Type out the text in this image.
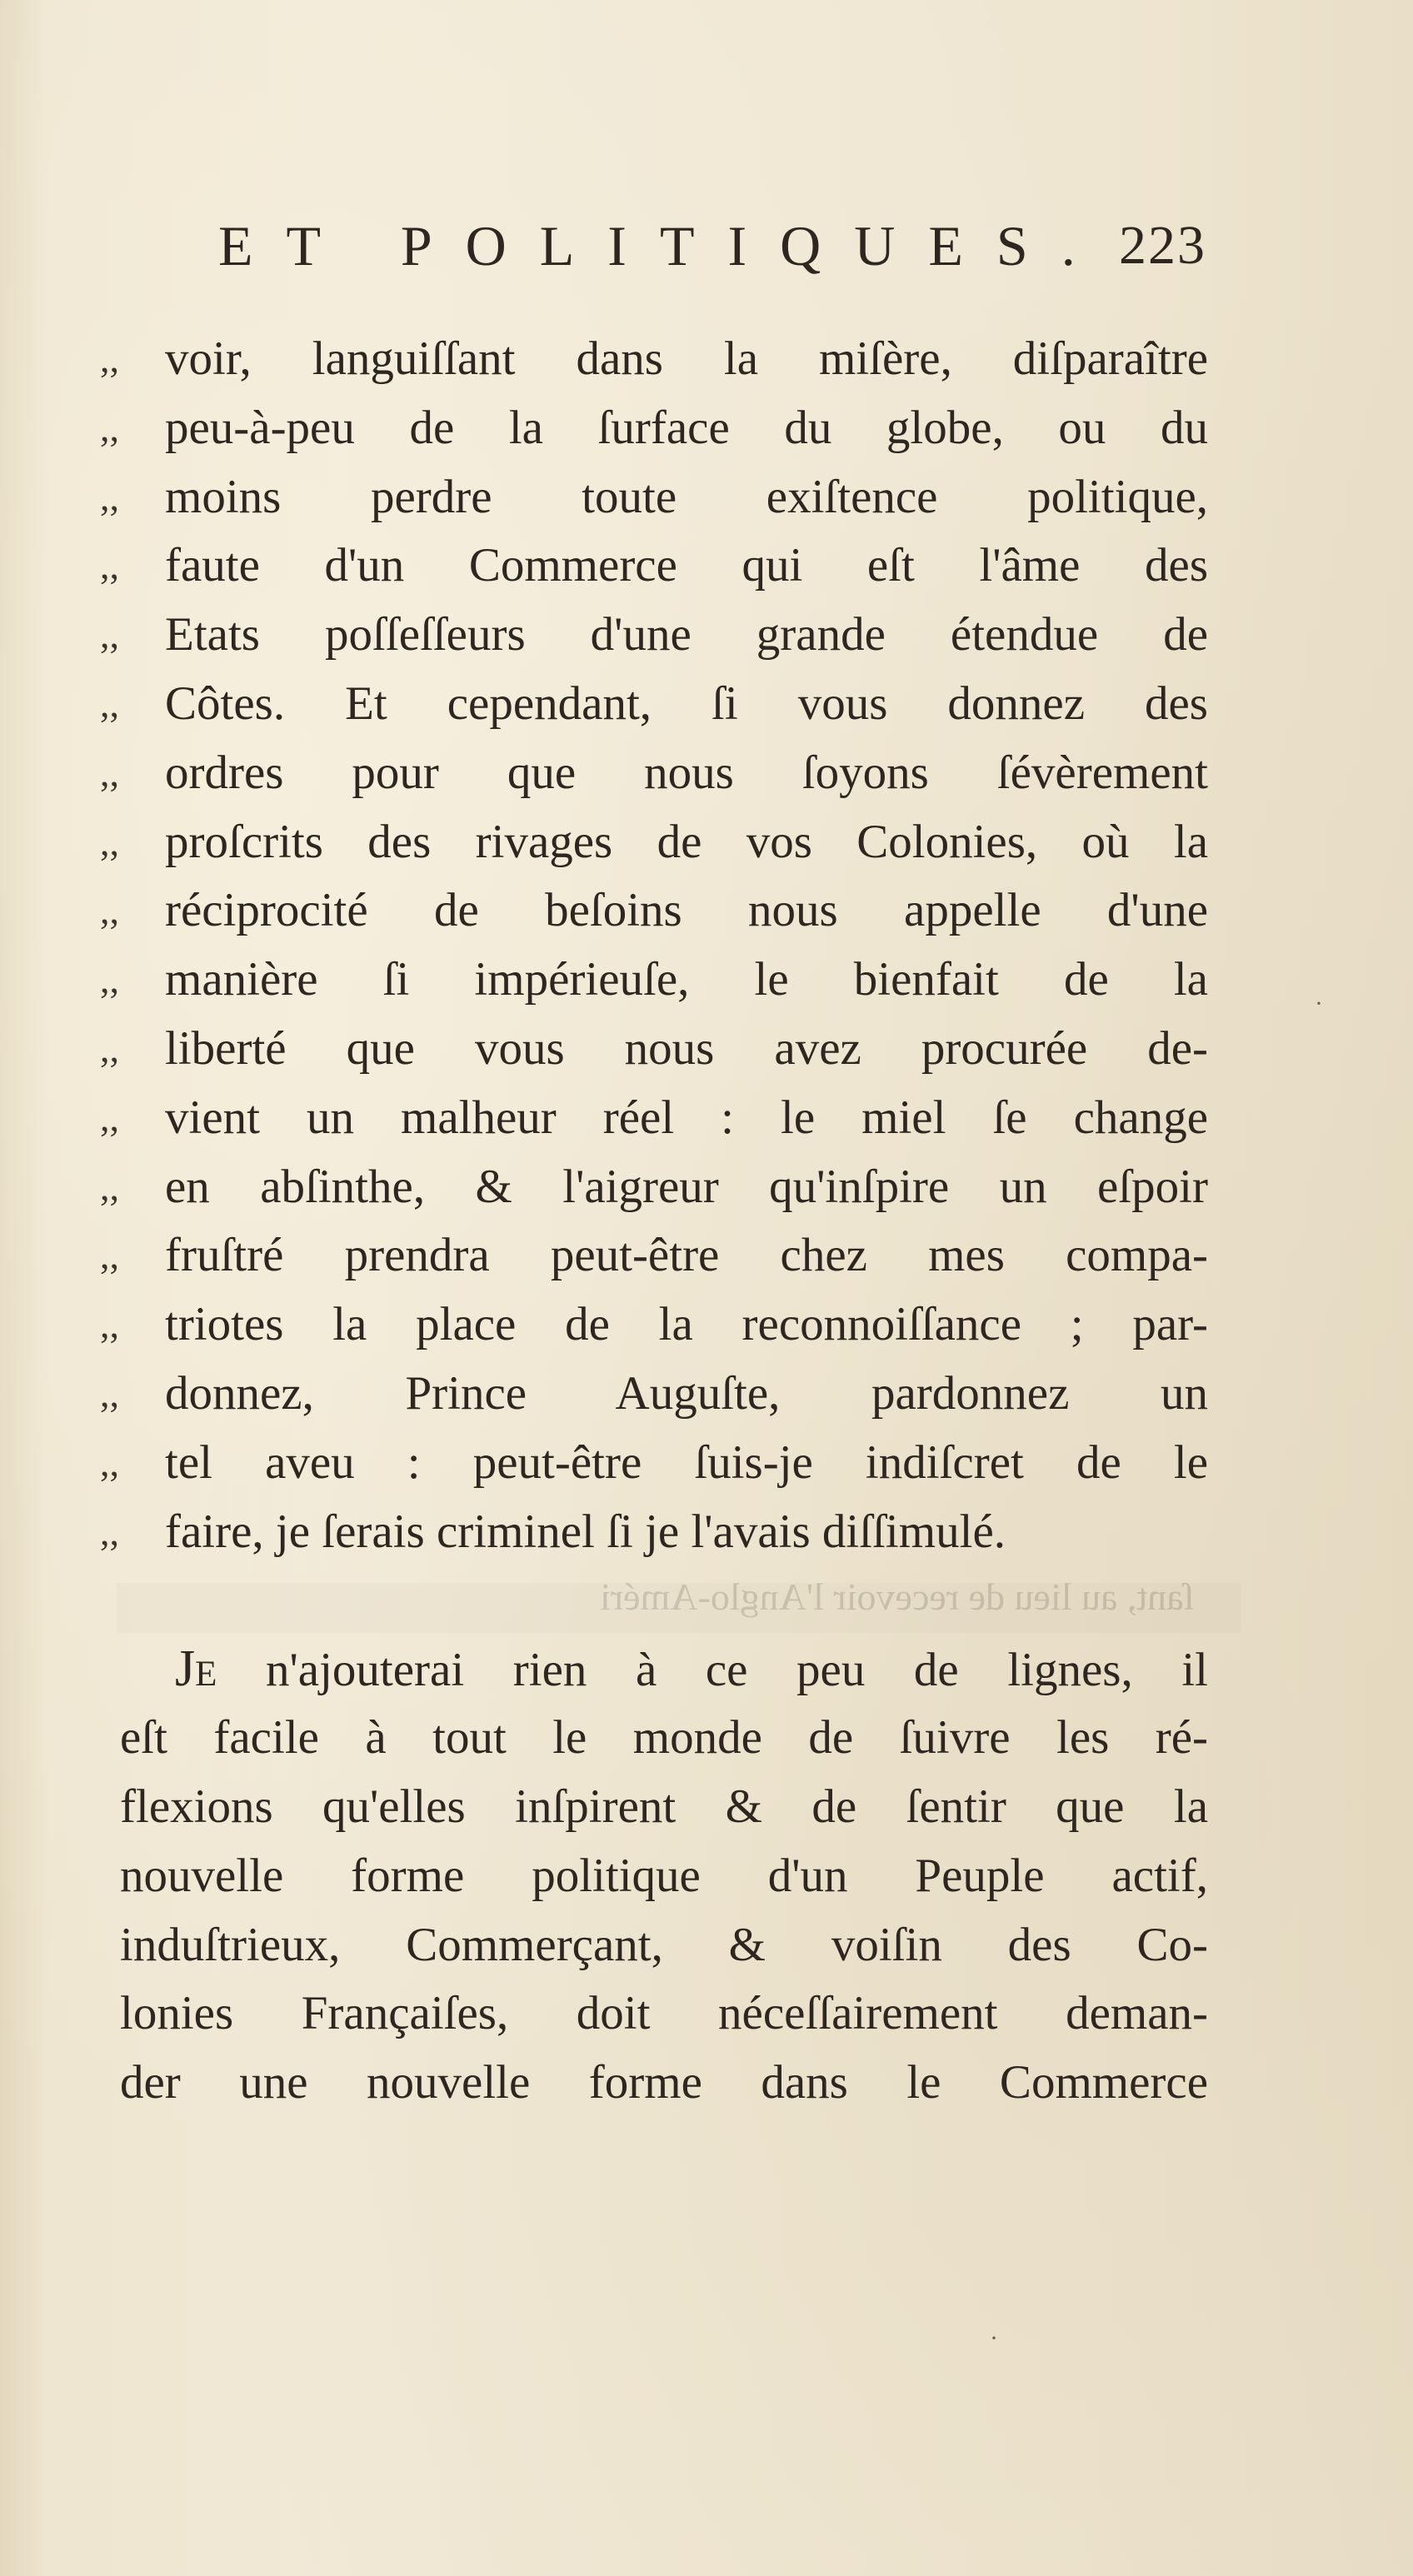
ET POLITIQUES. 223
ſant, au lieu de recevoir l'Anglo-Améri
,, voir, languiſſant dans la miſère, diſparaître
,, peu-à-peu de la ſurface du globe, ou du
,, moins perdre toute exiſtence politique,
,, faute d'un Commerce qui eſt l'âme des
,, Etats poſſeſſeurs d'une grande étendue de
,, Côtes. Et cependant, ſi vous donnez des
,, ordres pour que nous ſoyons ſévèrement
,, proſcrits des rivages de vos Colonies, où la
,, réciprocité de beſoins nous appelle d'une
,, manière ſi impérieuſe, le bienfait de la
,, liberté que vous nous avez procurée de-
,, vient un malheur réel : le miel ſe change
,, en abſinthe, & l'aigreur qu'inſpire un eſpoir
,, fruſtré prendra peut-être chez mes compa-
,, triotes la place de la reconnoiſſance ; par-
,, donnez, Prince Auguſte, pardonnez un
,, tel aveu : peut-être ſuis-je indiſcret de le
,, faire, je ſerais criminel ſi je l'avais diſſimulé.
Je n'ajouterai rien à ce peu de lignes, il
eſt facile à tout le monde de ſuivre les ré-
flexions qu'elles inſpirent & de ſentir que la
nouvelle forme politique d'un Peuple actif,
induſtrieux, Commerçant, & voiſin des Co-
lonies Françaiſes, doit néceſſairement deman-
der une nouvelle forme dans le Commerce
·
·
